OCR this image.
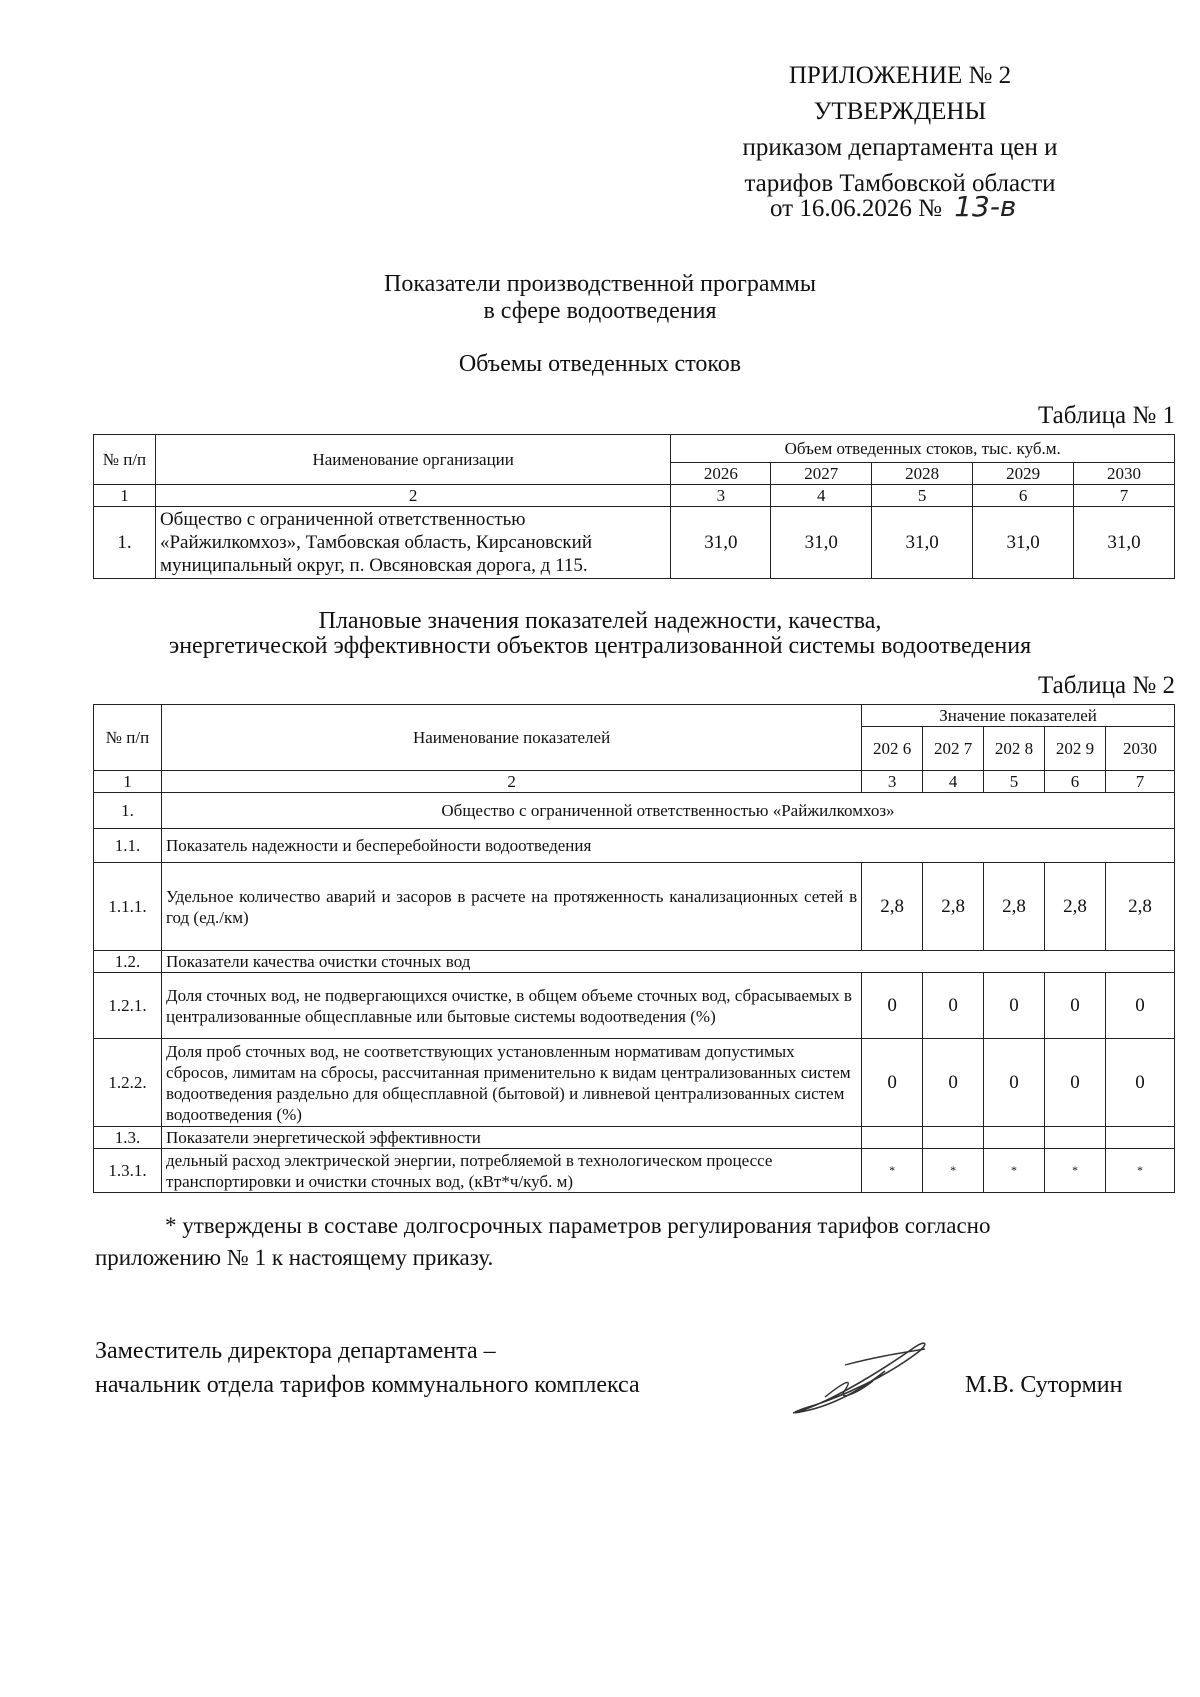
ПРИЛОЖЕНИЕ № 2
УТВЕРЖДЕНЫ
приказом департамента цен и
тарифов Тамбовской области
от 16.06.2026 № 13-в
Показатели производственной программы
в сфере водоотведения
Объемы отведенных стоков
Таблица № 1
№ п/п	Наименование организации	Объем отведенных стоков, тыс. куб.м.				
		2026	2027	2028	2029	2030
1	2	3	4	5	6	7
1.	Общество с ограниченной ответственностью «Райжилкомхоз», Тамбовская область, Кирсановский муниципальный округ, п. Овсяновская дорога, д 115.	31,0	31,0	31,0	31,0	31,0
Плановые значения показателей надежности, качества,
энергетической эффективности объектов централизованной системы водоотведения
Таблица № 2
№ п/п	Наименование показателей	Значение показателей				
		202 6	202 7	202 8	202 9	2030
1	2	3	4	5	6	7
1.	Общество с ограниченной ответственностью «Райжилкомхоз»					
1.1.	Показатель надежности и бесперебойности водоотведения					
1.1.1.	Удельное количество аварий и засоров в расчете на протяженность канализационных сетей в год (ед./км)	2,8	2,8	2,8	2,8	2,8
1.2.	Показатели качества очистки сточных вод					
1.2.1.	Доля сточных вод, не подвергающихся очистке, в общем объеме сточных вод, сбрасываемых в централизованные общесплавные или бытовые системы водоотведения (%)	0	0	0	0	0
1.2.2.	Доля проб сточных вод, не соответствующих установленным нормативам допустимых сбросов, лимитам на сбросы, рассчитанная применительно к видам централизованных систем водоотведения раздельно для общесплавной (бытовой) и ливневой централизованных систем водоотведения (%)	0	0	0	0	0
1.3.	Показатели энергетической эффективности					
1.3.1.	дельный расход электрической энергии, потребляемой в технологическом процессе транспортировки и очистки сточных вод, (кВт*ч/куб. м)	*	*	*	*	*
* утверждены в составе долгосрочных параметров регулирования тарифов согласно
приложению № 1 к настоящему приказу.
Заместитель директора департамента –
начальник отдела тарифов коммунального комплекса	М.В. Сутормин
